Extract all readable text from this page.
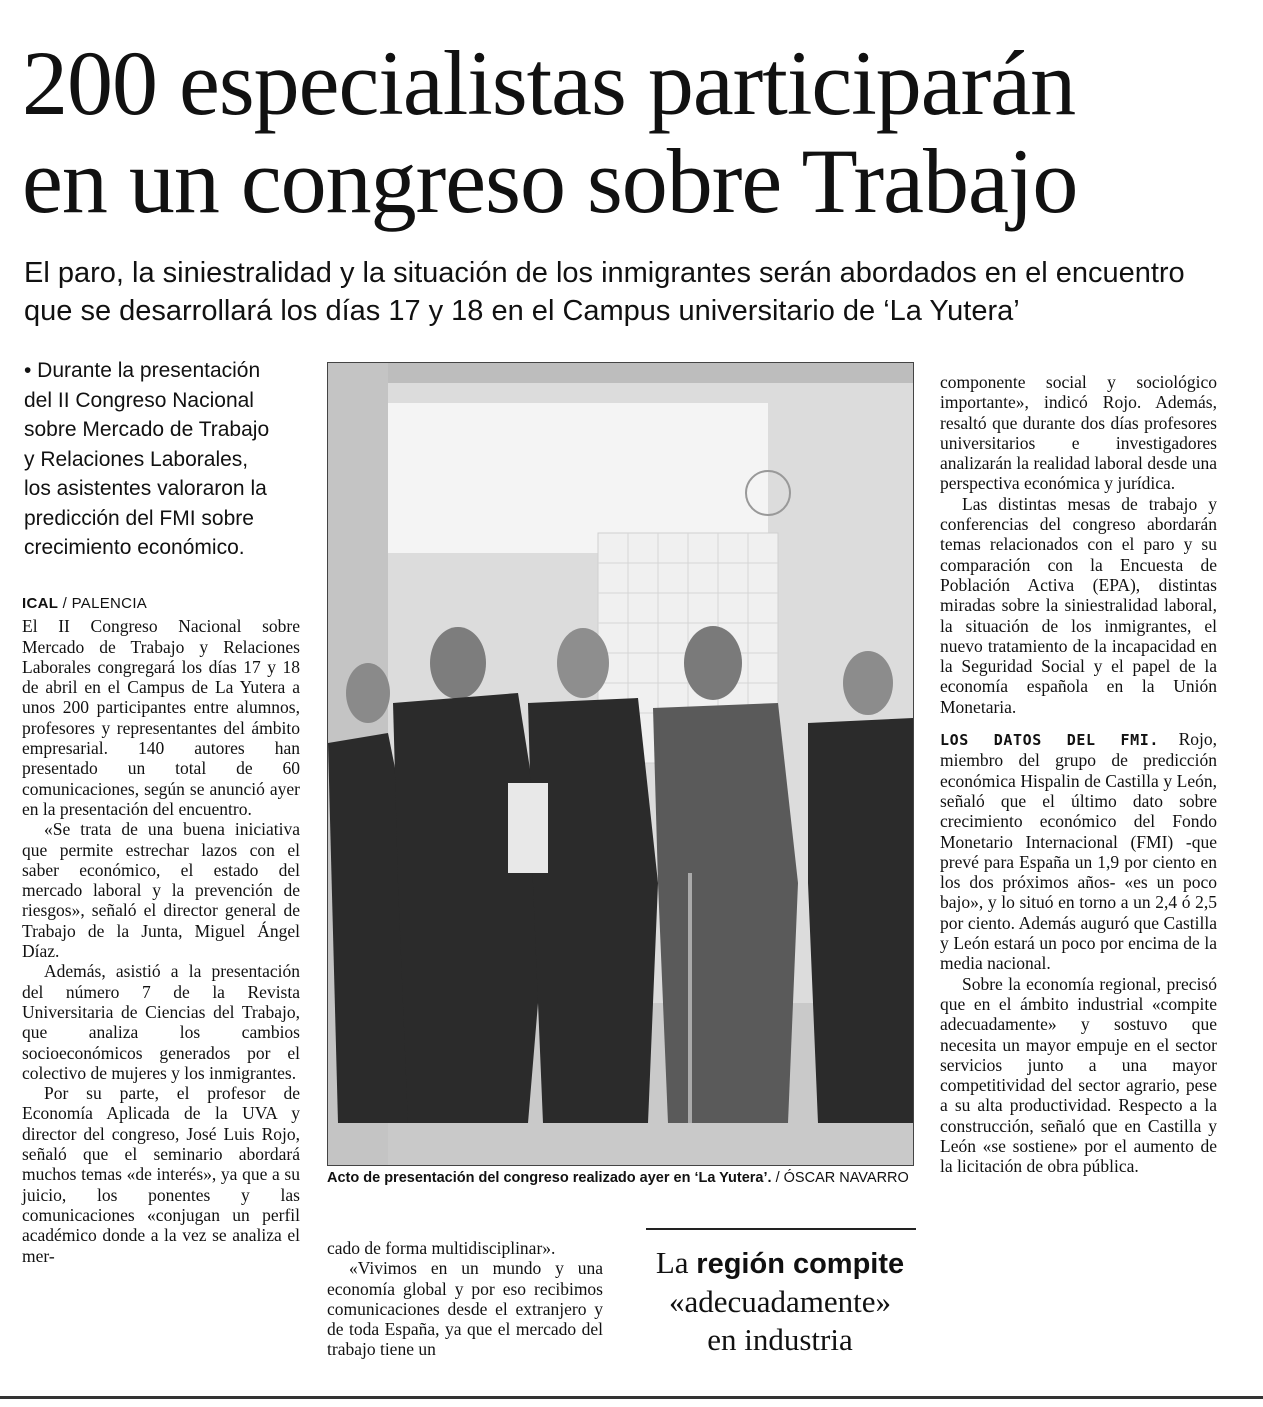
200 especialistas participarán
en un congreso sobre Trabajo
El paro, la siniestralidad y la situación de los inmigrantes serán abordados en el encuentro
que se desarrollará los días 17 y 18 en el Campus universitario de ‘La Yutera’
• Durante la presentación
del II Congreso Nacional
sobre Mercado de Trabajo
y Relaciones Laborales,
los asistentes valoraron la
predicción del FMI sobre
crecimiento económico.
ICAL / PALENCIA

El II Congreso Nacional sobre Mercado de Trabajo y Relaciones Laborales congregará los días 17 y 18 de abril en el Campus de La Yutera a unos 200 participantes entre alumnos, profesores y representantes del ámbito empresarial. 140 autores han presentado un total de 60 comunicaciones, según se anunció ayer en la presentación del encuentro.

«Se trata de una buena iniciativa que permite estrechar lazos con el saber económico, el estado del mercado laboral y la prevención de riesgos», señaló el director general de Trabajo de la Junta, Miguel Ángel Díaz.

Además, asistió a la presentación del número 7 de la Revista Universitaria de Ciencias del Trabajo, que analiza los cambios socioeconómicos generados por el colectivo de mujeres y los inmigrantes.

Por su parte, el profesor de Economía Aplicada de la UVA y director del congreso, José Luis Rojo, señaló que el seminario abordará muchos temas «de interés», ya que a su juicio, los ponentes y las comunicaciones «conjugan un perfil académico donde a la vez se analiza el mer-

Acto de presentación del congreso realizado ayer en ‘La Yutera’. / ÓSCAR NAVARRO

cado de forma multidisciplinar».

«Vivimos en un mundo y una economía global y por eso recibimos comunicaciones desde el extranjero y de toda España, ya que el mercado del trabajo tiene un

La región compite
«adecuadamente»
en industria

componente social y sociológico importante», indicó Rojo. Además, resaltó que durante dos días profesores universitarios e investigadores analizarán la realidad laboral desde una perspectiva económica y jurídica.

Las distintas mesas de trabajo y conferencias del congreso abordarán temas relacionados con el paro y su comparación con la Encuesta de Población Activa (EPA), distintas miradas sobre la siniestralidad laboral, la situación de los inmigrantes, el nuevo tratamiento de la incapacidad en la Seguridad Social y el papel de la economía española en la Unión Monetaria.

LOS DATOS DEL FMI. Rojo, miembro del grupo de predicción económica Hispalin de Castilla y León, señaló que el último dato sobre crecimiento económico del Fondo Monetario Internacional (FMI) -que prevé para España un 1,9 por ciento en los dos próximos años- «es un poco bajo», y lo situó en torno a un 2,4 ó 2,5 por ciento. Además auguró que Castilla y León estará un poco por encima de la media nacional.

Sobre la economía regional, precisó que en el ámbito industrial «compite adecuadamente» y sostuvo que necesita un mayor empuje en el sector servicios junto a una mayor competitividad del sector agrario, pese a su alta productividad. Respecto a la construcción, señaló que en Castilla y León «se sostiene» por el aumento de la licitación de obra pública.
